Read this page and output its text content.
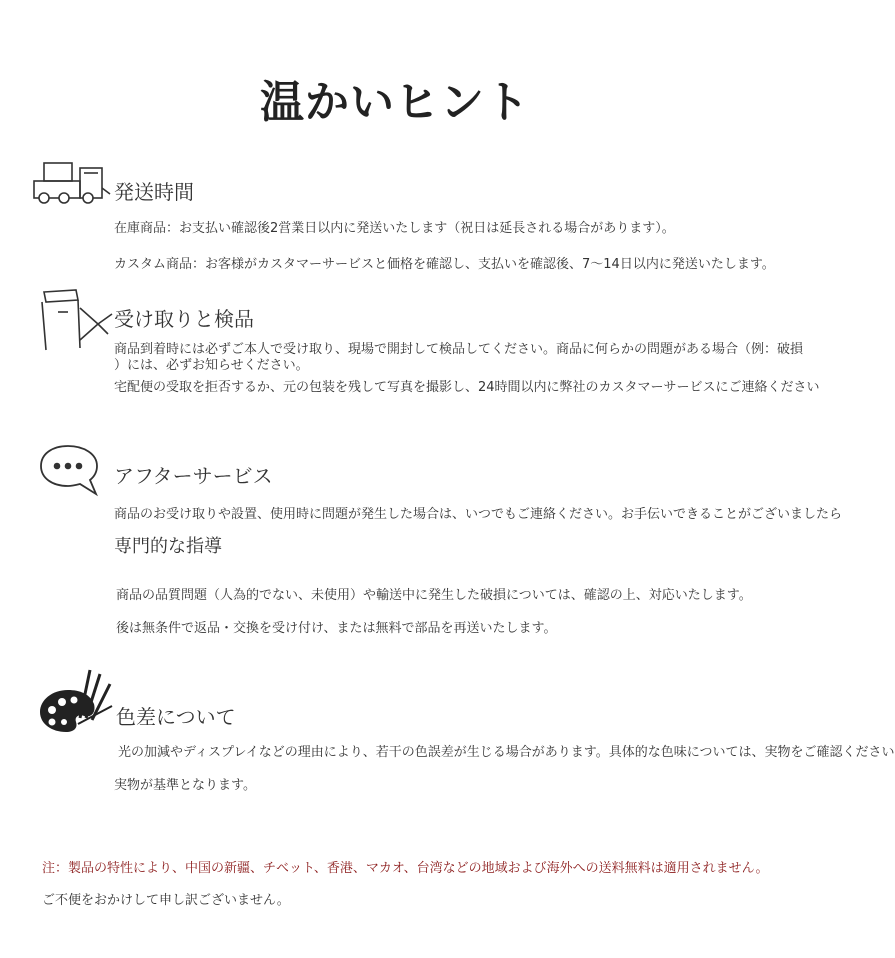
温かいヒント
発送時間
在庫商品：お支払い確認後2営業日以内に発送いたします（祝日は延長される場合があります）。
カスタム商品：お客様がカスタマーサービスと価格を確認し、支払いを確認後、7〜14日以内に発送いたします。
受け取りと検品
商品到着時には必ずご本人で受け取り、現場で開封して検品してください。商品に何らかの問題がある場合（例：破損
）には、必ずお知らせください。
宅配便の受取を拒否するか、元の包装を残して写真を撮影し、24時間以内に弊社のカスタマーサービスにご連絡ください
アフターサービス
商品のお受け取りや設置、使用時に問題が発生した場合は、いつでもご連絡ください。お手伝いできることがございましたら
専門的な指導
商品の品質問題（人為的でない、未使用）や輸送中に発生した破損については、確認の上、対応いたします。
後は無条件で返品・交換を受け付け、または無料で部品を再送いたします。
色差について
光の加減やディスプレイなどの理由により、若干の色誤差が生じる場合があります。具体的な色味については、実物をご確認ください
実物が基準となります。
注：製品の特性により、中国の新疆、チベット、香港、マカオ、台湾などの地域および海外への送料無料は適用されません。
ご不便をおかけして申し訳ございません。
